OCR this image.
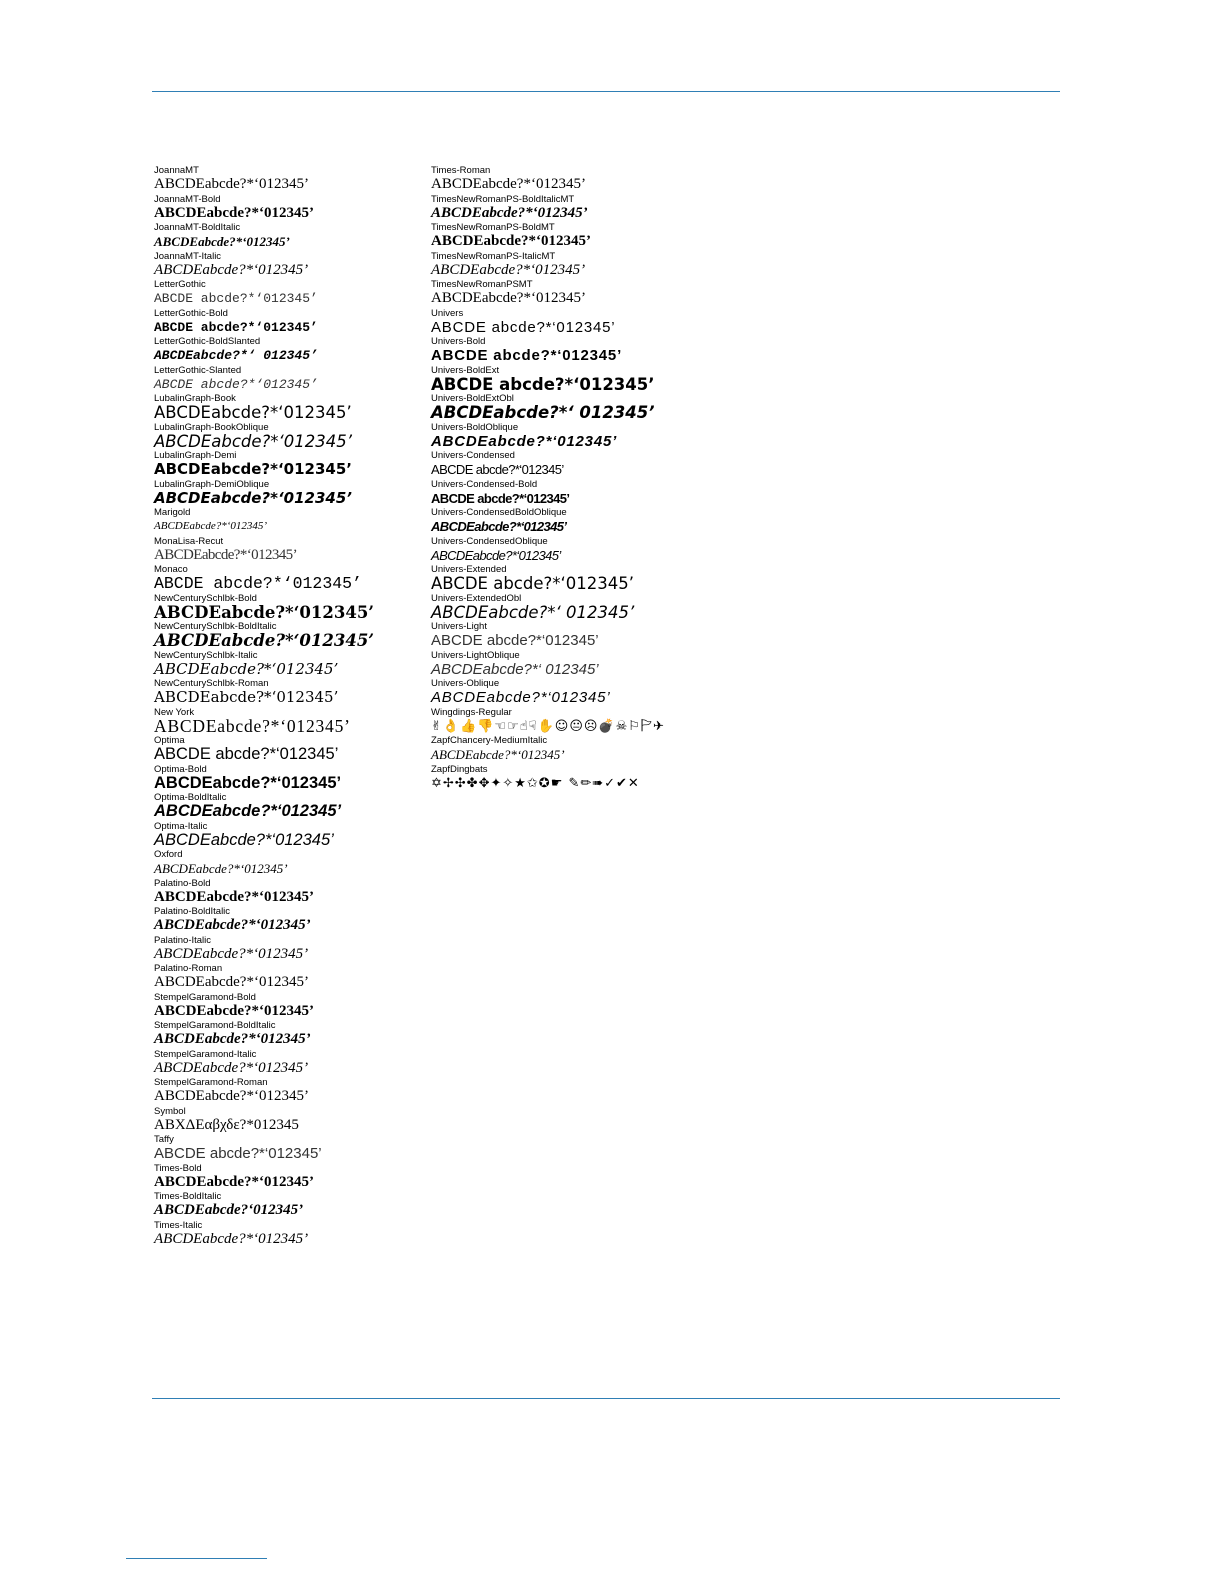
JoannaMT
ABCDEabcde?*‘012345’
JoannaMT-Bold
ABCDEabcde?*‘012345’
JoannaMT-BoldItalic
ABCDEabcde?*‘012345’
JoannaMT-Italic
ABCDEabcde?*‘012345’
LetterGothic
ABCDE abcde?*‘012345’
LetterGothic-Bold
ABCDE abcde?*‘012345’
LetterGothic-BoldSlanted
ABCDEabcde?*‘ 012345’
LetterGothic-Slanted
ABCDE abcde?*‘012345’
LubalinGraph-Book
ABCDEabcde?*‘012345’
LubalinGraph-BookOblique
ABCDEabcde?*‘012345’
LubalinGraph-Demi
ABCDEabcde?*‘012345’
LubalinGraph-DemiOblique
ABCDEabcde?*‘012345’
Marigold
ABCDEabcde?*‘012345’
MonaLisa-Recut
ABCDEabcde?*‘012345’
Monaco
ABCDE abcde?*‘012345’
NewCenturySchlbk-Bold
ABCDEabcde?*‘012345’
NewCenturySchlbk-BoldItalic
ABCDEabcde?*‘012345’
NewCenturySchlbk-Italic
ABCDEabcde?*‘012345’
NewCenturySchlbk-Roman
ABCDEabcde?*‘012345’
New York
ABCDEabcde?*‘012345’
Optima
ABCDE abcde?*‘012345’
Optima-Bold
ABCDEabcde?*‘012345’
Optima-BoldItalic
ABCDEabcde?*‘012345’
Optima-Italic
ABCDEabcde?*‘012345’
Oxford
ABCDEabcde?*‘012345’
Palatino-Bold
ABCDEabcde?*‘012345’
Palatino-BoldItalic
ABCDEabcde?*‘012345’
Palatino-Italic
ABCDEabcde?*‘012345’
Palatino-Roman
ABCDEabcde?*‘012345’
StempelGaramond-Bold
ABCDEabcde?*‘012345’
StempelGaramond-BoldItalic
ABCDEabcde?*‘012345’
StempelGaramond-Italic
ABCDEabcde?*‘012345’
StempelGaramond-Roman
ABCDEabcde?*‘012345’
Symbol
ΑΒΧΔΕαβχδε?*012345
Taffy
ABCDE abcde?*‘012345’
Times-Bold
ABCDEabcde?*‘012345’
Times-BoldItalic
ABCDEabcde?‘012345’
Times-Italic
ABCDEabcde?*‘012345’
Times-Roman
ABCDEabcde?*‘012345’
TimesNewRomanPS-BoldItalicMT
ABCDEabcde?*‘012345’
TimesNewRomanPS-BoldMT
ABCDEabcde?*‘012345’
TimesNewRomanPS-ItalicMT
ABCDEabcde?*‘012345’
TimesNewRomanPSMT
ABCDEabcde?*‘012345’
Univers
ABCDE abcde?*‘012345’
Univers-Bold
ABCDE abcde?*‘012345’
Univers-BoldExt
ABCDE abcde?*‘012345’
Univers-BoldExtObl
ABCDEabcde?*‘ 012345’
Univers-BoldOblique
ABCDEabcde?*‘012345’
Univers-Condensed
ABCDE abcde?*‘012345’
Univers-Condensed-Bold
ABCDE abcde?*‘012345’
Univers-CondensedBoldOblique
ABCDEabcde?*‘012345’
Univers-CondensedOblique
ABCDEabcde?*‘012345’
Univers-Extended
ABCDE abcde?*‘012345’
Univers-ExtendedObl
ABCDEabcde?*‘ 012345’
Univers-Light
ABCDE abcde?*‘012345’
Univers-LightOblique
ABCDEabcde?*‘ 012345’
Univers-Oblique
ABCDEabcde?*‘012345’
Wingdings-Regular
✌👌👍👎☜☞☝☟✋☺😐☹💣☠⚐🏱✈
ZapfChancery-MediumItalic
ABCDEabcde?*‘012345’
ZapfDingbats
✡✢✣✤✥✦✧★✩✪☛ ✎✏➠✓✔✕
